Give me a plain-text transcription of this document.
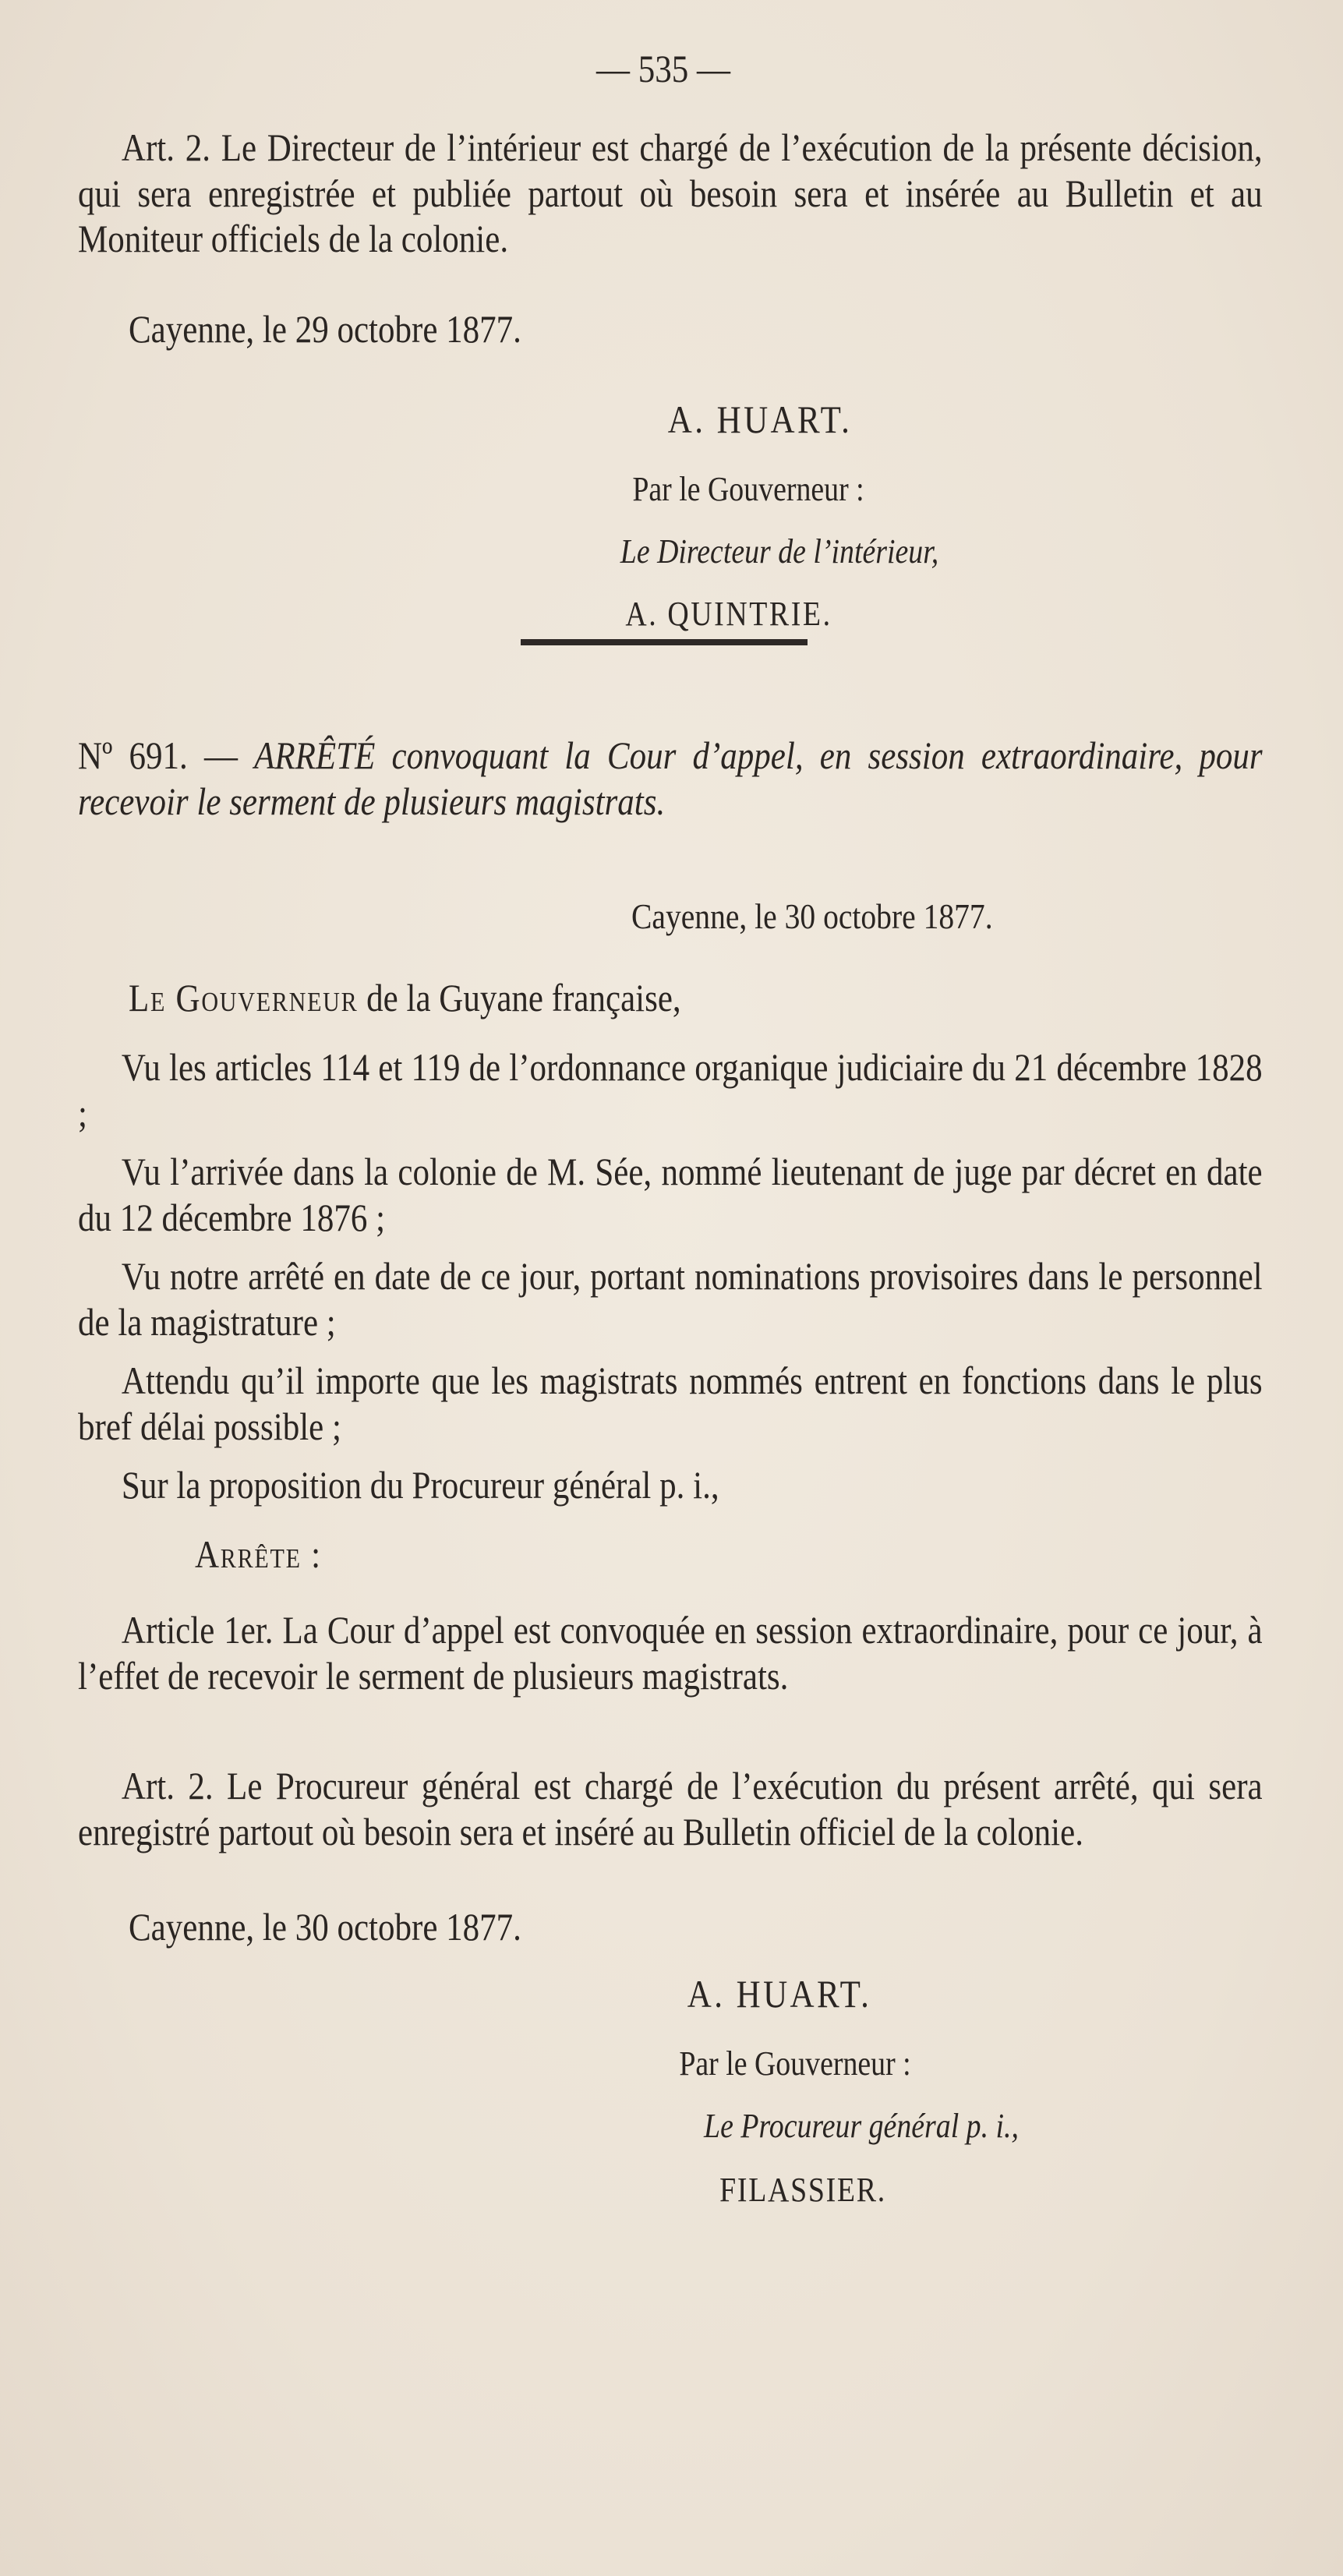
— 535 —
Art. 2. Le Directeur de l’intérieur est chargé de l’exécution de la présente décision, qui sera enregistrée et publiée partout où besoin sera et insérée au Bulletin et au Moniteur officiels de la colonie.
Cayenne, le 29 octobre 1877.
A. HUART.
Par le Gouverneur :
Le Directeur de l’intérieur,
A. QUINTRIE.
Nº 691. — ARRÊTÉ convoquant la Cour d’appel, en session extraordinaire, pour recevoir le serment de plusieurs magistrats.
Cayenne, le 30 octobre 1877.
Le Gouverneur de la Guyane française,
Vu les articles 114 et 119 de l’ordonnance organique judiciaire du 21 décembre 1828 ;
Vu l’arrivée dans la colonie de M. Sée, nommé lieutenant de juge par décret en date du 12 décembre 1876 ;
Vu notre arrêté en date de ce jour, portant nominations provisoires dans le personnel de la magistrature ;
Attendu qu’il importe que les magistrats nommés entrent en fonctions dans le plus bref délai possible ;
Sur la proposition du Procureur général p. i.,
Arrête :
Article 1er. La Cour d’appel est convoquée en session extraordinaire, pour ce jour, à l’effet de recevoir le serment de plusieurs magistrats.
Art. 2. Le Procureur général est chargé de l’exécution du présent arrêté, qui sera enregistré partout où besoin sera et inséré au Bulletin officiel de la colonie.
Cayenne, le 30 octobre 1877.
A. HUART.
Par le Gouverneur :
Le Procureur général p. i.,
FILASSIER.
